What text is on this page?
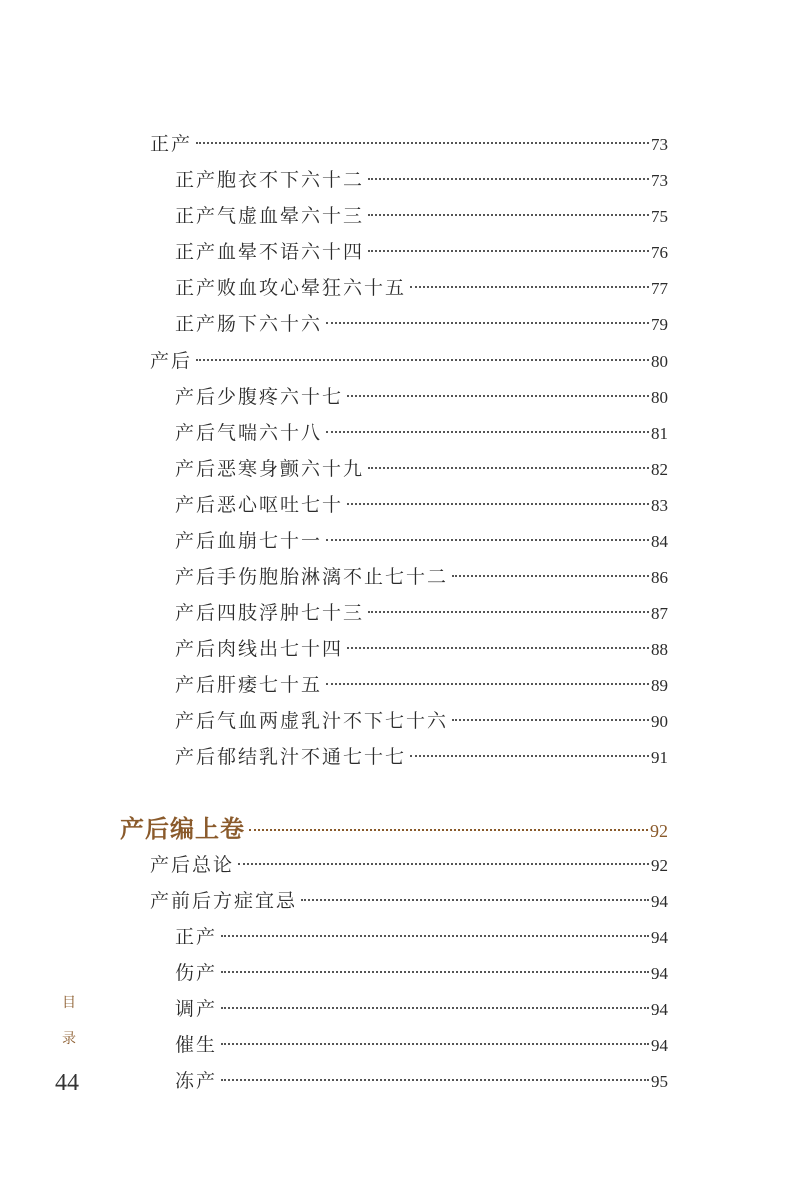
正产	73
正产胞衣不下六十二	73
正产气虚血晕六十三	75
正产血晕不语六十四	76
正产败血攻心晕狂六十五	77
正产肠下六十六	79
产后	80
产后少腹疼六十七	80
产后气喘六十八	81
产后恶寒身颤六十九	82
产后恶心呕吐七十	83
产后血崩七十一	84
产后手伤胞胎淋漓不止七十二	86
产后四肢浮肿七十三	87
产后肉线出七十四	88
产后肝痿七十五	89
产后气血两虚乳汁不下七十六	90
产后郁结乳汁不通七十七	91
产后编上卷	92
产后总论	92
产前后方症宜忌	94
正产	94
伤产	94
调产	94
催生	94
冻产	95
目
录
44
